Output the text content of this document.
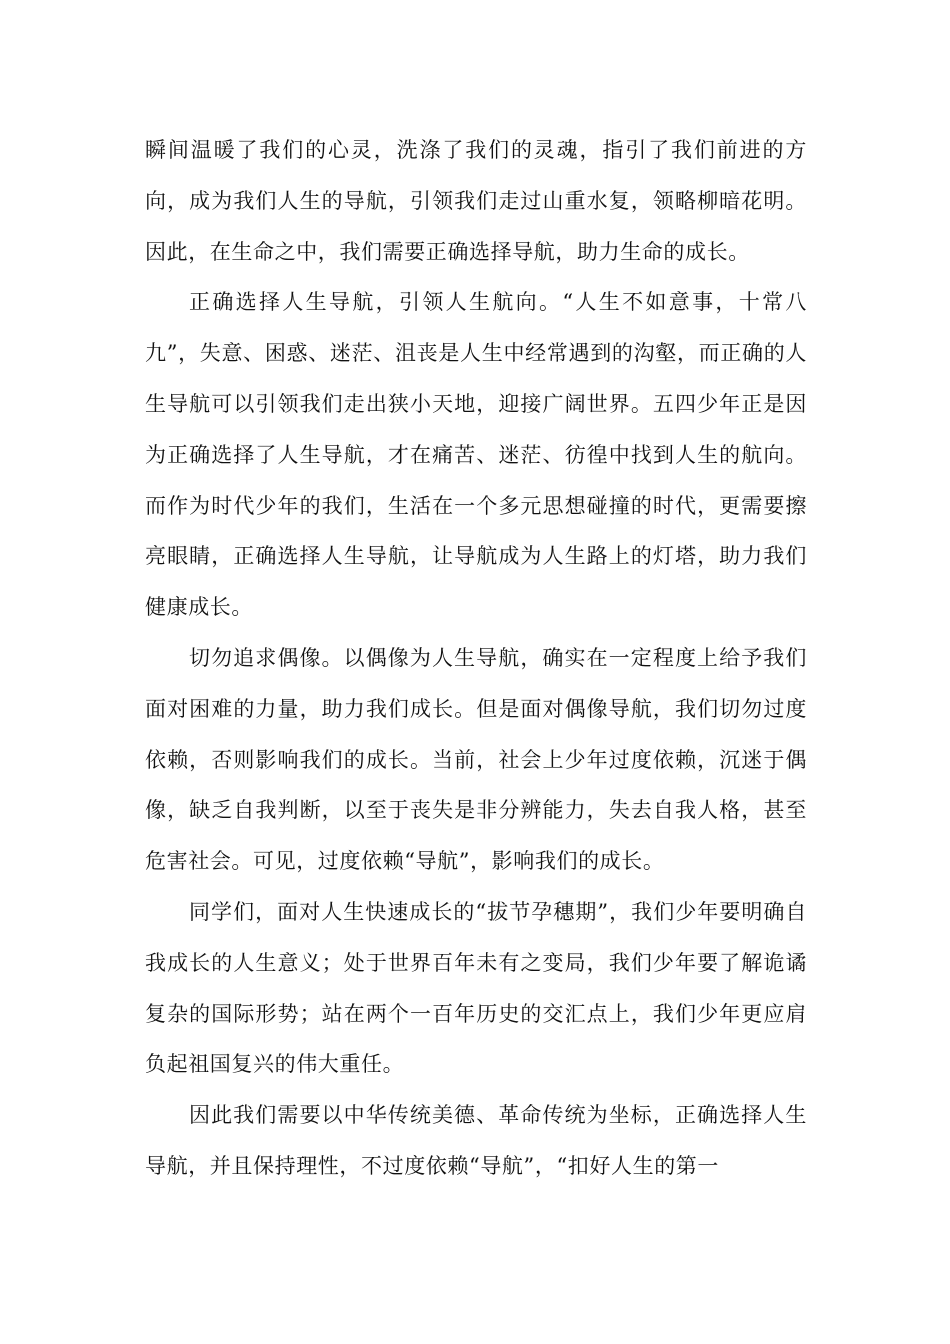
瞬间温暖了我们的心灵，洗涤了我们的灵魂，指引了我们前进的方向，成为我们人生的导航，引领我们走过山重水复，领略柳暗花明。因此，在生命之中，我们需要正确选择导航，助力生命的成长。

正确选择人生导航，引领人生航向。“人生不如意事，十常八九”，失意、困惑、迷茫、沮丧是人生中经常遇到的沟壑，而正确的人生导航可以引领我们走出狭小天地，迎接广阔世界。五四少年正是因为正确选择了人生导航，才在痛苦、迷茫、彷徨中找到人生的航向。而作为时代少年的我们，生活在一个多元思想碰撞的时代，更需要擦亮眼睛，正确选择人生导航，让导航成为人生路上的灯塔，助力我们健康成长。

切勿追求偶像。以偶像为人生导航，确实在一定程度上给予我们面对困难的力量，助力我们成长。但是面对偶像导航，我们切勿过度依赖，否则影响我们的成长。当前，社会上少年过度依赖，沉迷于偶像，缺乏自我判断，以至于丧失是非分辨能力，失去自我人格，甚至危害社会。可见，过度依赖“导航”，影响我们的成长。

同学们，面对人生快速成长的“拔节孕穗期”，我们少年要明确自我成长的人生意义；处于世界百年未有之变局，我们少年要了解诡谲复杂的国际形势；站在两个一百年历史的交汇点上，我们少年更应肩负起祖国复兴的伟大重任。

因此我们需要以中华传统美德、革命传统为坐标，正确选择人生导航，并且保持理性，不过度依赖“导航”，“扣好人生的第一
